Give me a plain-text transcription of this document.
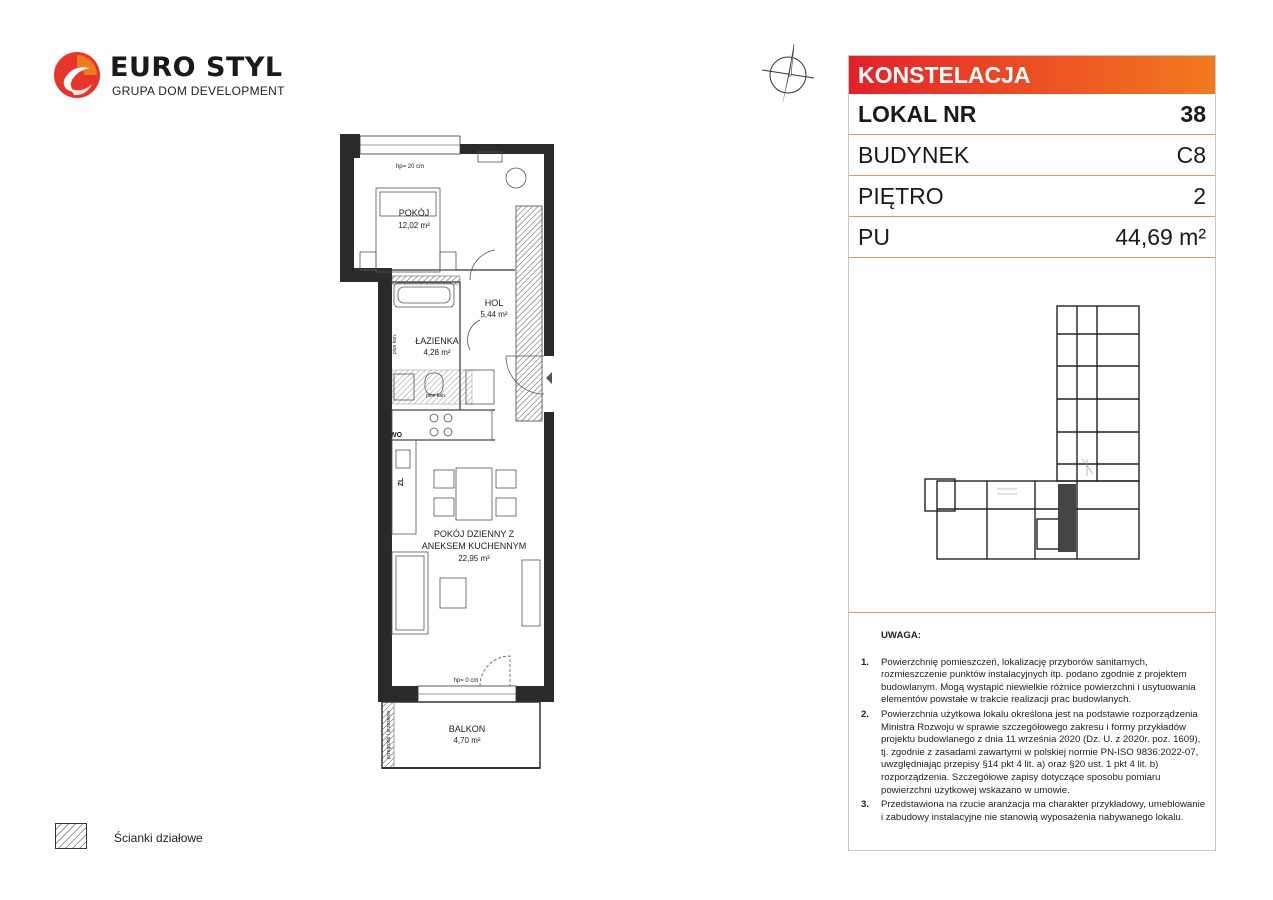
EURO STYL
GRUPA DOM DEVELOPMENT
KONSTELACJA
LOKAL NR	38
BUDYNEK	C8
PIĘTRO	2
PU	44,69 m²
UWAGA:
1.	Powierzchnię pomieszczeń, lokalizację przyborów sanitarnych, rozmieszczenie punktów instalacyjnych itp. podano zgodnie z projektem budowlanym. Mogą wystąpić niewielkie różnice powierzchni i usytuowania elementów powstałe w trakcie realizacji prac budowlanych.
2.	Powierzchnia użytkowa lokalu określona jest na podstawie rozporządzenia Ministra Rozwoju w sprawie szczegółowego zakresu i formy przykładów projektu budowlanego z dnia 11 września 2020 (Dz. U. z 2020r. poz. 1609), tj. zgodnie z zasadami zawartymi w polskiej normie PN-ISO 9836:2022-07, uwzględniając przepisy §14 pkt 4 lit. a) oraz §20 ust. 1 pkt 4 lit. b) rozporządzenia. Szczegółowe zapisy dotyczące sposobu pomiaru powierzchni użytkowej wskazano w umowie.
3.	Przedstawiona na rzucie aranżacja ma charakter przykładowy, umeblowanie i zabudowy instalacyjne nie stanowią wyposażenia nabywanego lokalu.
POKÓJ
12,02 m²
HOL
5,44 m²
ŁAZIENKA
4,28 m²
POKÓJ DZIENNY Z
ANEKSEM KUCHENNYM
22,95 m²
BALKON
4,70 m²
hp= 20 cm
hp= 0 cm
pion kan.
pion kan.
WO
ZL
przegroda / przesłona
Ścianki działowe
